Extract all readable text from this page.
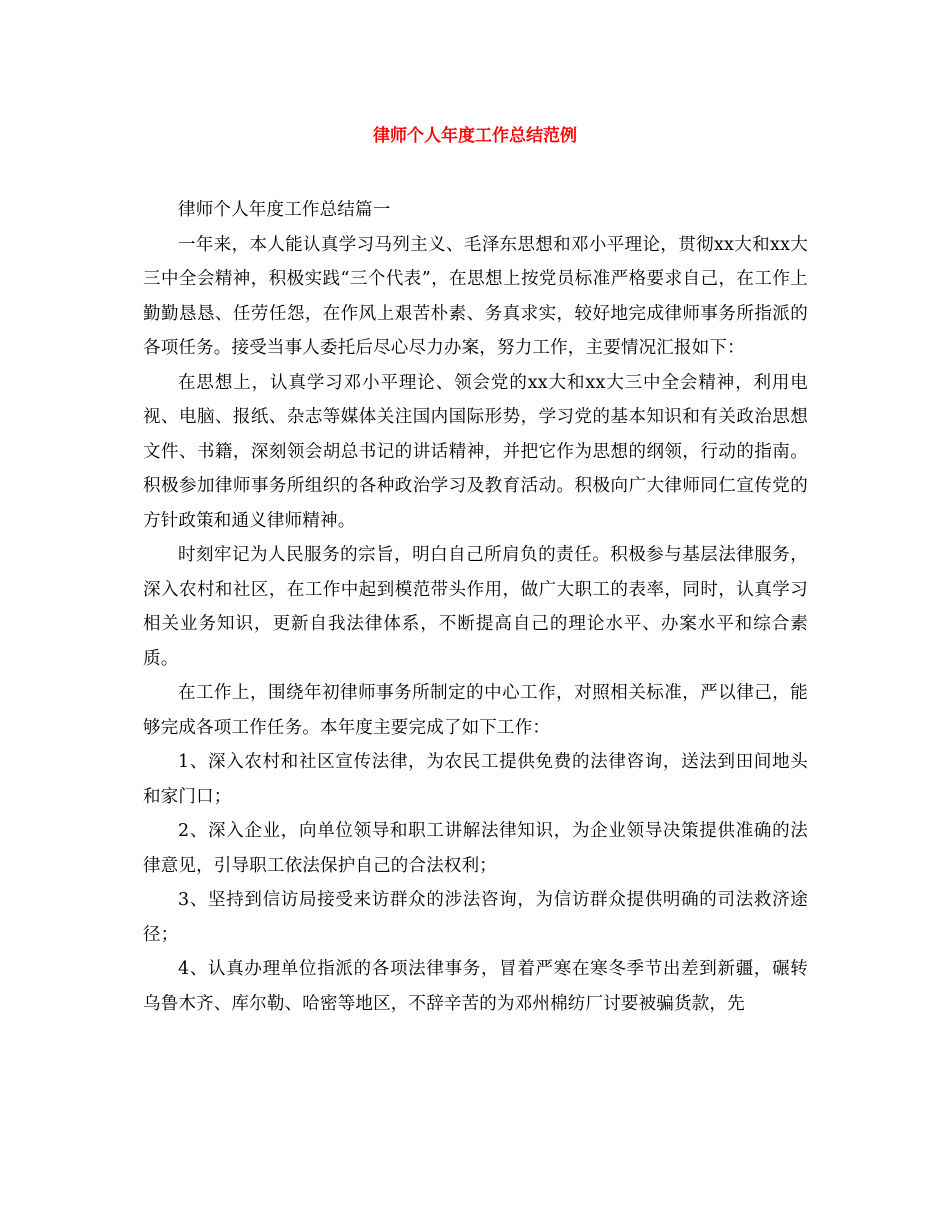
律师个人年度工作总结范例

律师个人年度工作总结篇一

一年来，本人能认真学习马列主义、毛泽东思想和邓小平理论，贯彻xx大和xx大三中全会精神，积极实践“三个代表”，在思想上按党员标准严格要求自己，在工作上勤勤恳恳、任劳任怨，在作风上艰苦朴素、务真求实，较好地完成律师事务所指派的各项任务。接受当事人委托后尽心尽力办案，努力工作，主要情况汇报如下：

在思想上，认真学习邓小平理论、领会党的xx大和xx大三中全会精神，利用电视、电脑、报纸、杂志等媒体关注国内国际形势，学习党的基本知识和有关政治思想文件、书籍，深刻领会胡总书记的讲话精神，并把它作为思想的纲领，行动的指南。积极参加律师事务所组织的各种政治学习及教育活动。积极向广大律师同仁宣传党的方针政策和通义律师精神。

时刻牢记为人民服务的宗旨，明白自己所肩负的责任。积极参与基层法律服务，深入农村和社区，在工作中起到模范带头作用，做广大职工的表率，同时，认真学习相关业务知识，更新自我法律体系，不断提高自己的理论水平、办案水平和综合素质。

在工作上，围绕年初律师事务所制定的中心工作，对照相关标准，严以律己，能够完成各项工作任务。本年度主要完成了如下工作：

1、深入农村和社区宣传法律，为农民工提供免费的法律咨询，送法到田间地头和家门口；

2、深入企业，向单位领导和职工讲解法律知识，为企业领导决策提供准确的法律意见，引导职工依法保护自己的合法权利；

3、坚持到信访局接受来访群众的涉法咨询，为信访群众提供明确的司法救济途径；

4、认真办理单位指派的各项法律事务，冒着严寒在寒冬季节出差到新疆，碾转乌鲁木齐、库尔勒、哈密等地区，不辞辛苦的为邓州棉纺厂讨要被骗货款，先
